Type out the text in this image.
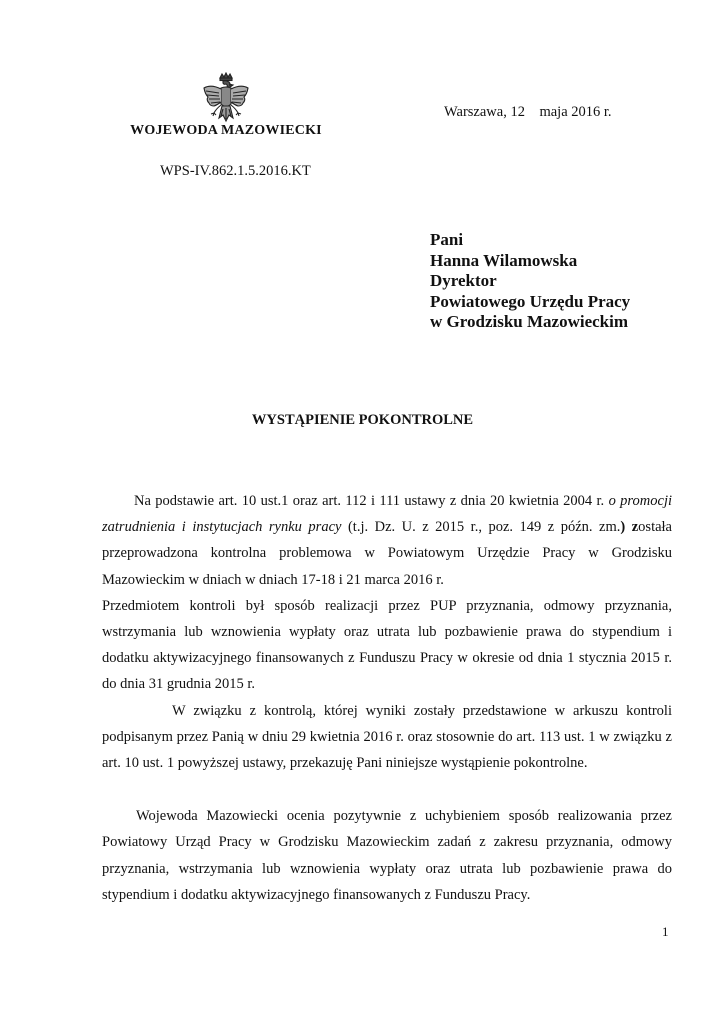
WOJEWODA MAZOWIECKI
Warszawa, 12    maja 2016 r.
WPS-IV.862.1.5.2016.KT
Pani
Hanna Wilamowska
Dyrektor
Powiatowego Urzędu Pracy
w Grodzisku Mazowieckim
WYSTĄPIENIE POKONTROLNE

Na podstawie art. 10 ust.1 oraz art. 112 i 111 ustawy z dnia 20 kwietnia 2004 r. o promocji zatrudnienia i instytucjach rynku pracy (t.j. Dz. U. z 2015 r., poz. 149 z późn. zm.) została przeprowadzona kontrolna problemowa w Powiatowym Urzędzie Pracy w Grodzisku Mazowieckim w dniach w dniach 17-18 i 21 marca 2016 r.

Przedmiotem kontroli był sposób realizacji przez PUP przyznania, odmowy przyznania, wstrzymania lub wznowienia wypłaty oraz utrata lub pozbawienie prawa do stypendium i dodatku aktywizacyjnego finansowanych z Funduszu Pracy w okresie od dnia 1 stycznia 2015 r. do dnia 31 grudnia 2015 r.

W związku z kontrolą, której wyniki zostały przedstawione w arkuszu kontroli podpisanym przez Panią w dniu 29 kwietnia 2016 r. oraz stosownie do art. 113 ust. 1 w związku z art. 10 ust. 1 powyższej ustawy, przekazuję Pani niniejsze wystąpienie pokontrolne.

Wojewoda Mazowiecki ocenia pozytywnie z uchybieniem sposób realizowania przez Powiatowy Urząd Pracy w Grodzisku Mazowieckim zadań z zakresu przyznania, odmowy przyznania, wstrzymania lub wznowienia wypłaty oraz utrata lub pozbawienie prawa do stypendium i dodatku aktywizacyjnego finansowanych z Funduszu Pracy.

1
